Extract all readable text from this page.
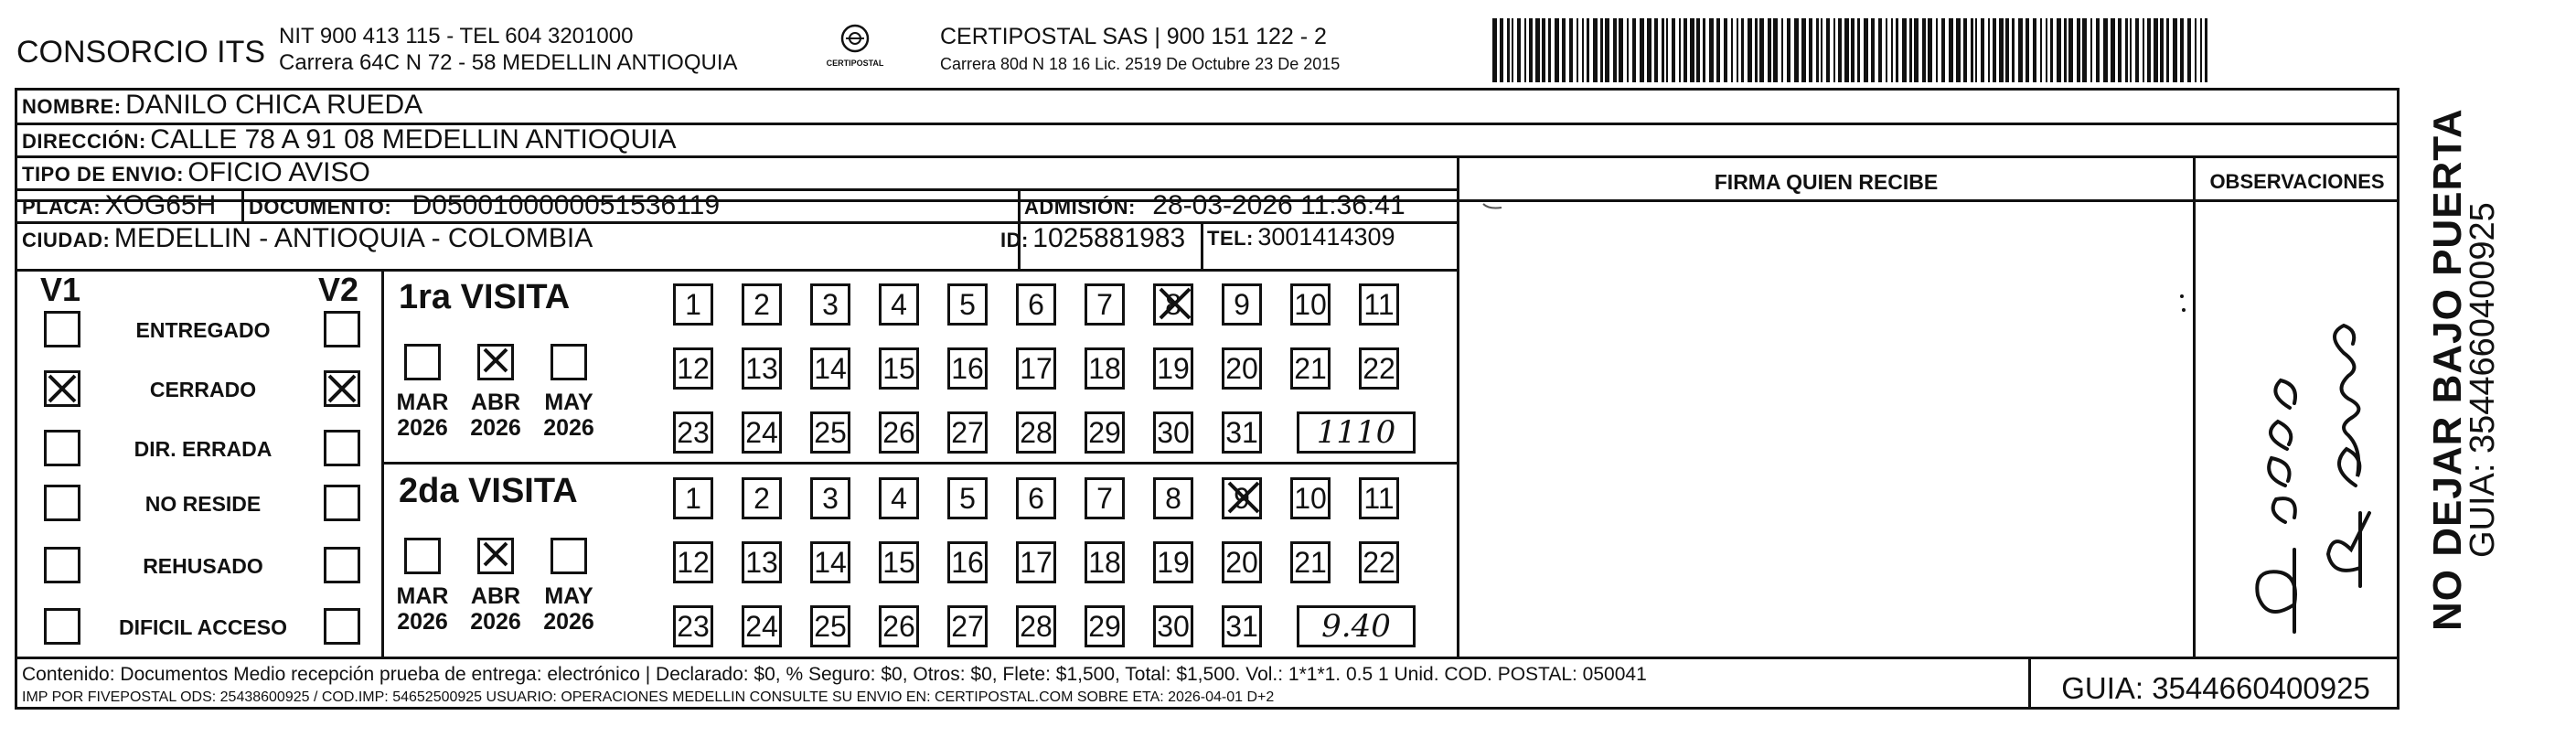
CONSORCIO ITS NIT 900 413 115 - TEL 604 3201000
Carrera 64C N 72 - 58 MEDELLIN ANTIOQUIA	CERTIPOSTAL
CERTIPOSTAL SAS | 900 151 122 - 2
Carrera 80d N 18 16 Lic. 2519 De Octubre 23 De 2015
NOMBRE: DANILO CHICA RUEDA
DIRECCIÓN: CALLE 78 A 91 08 MEDELLIN ANTIOQUIA
TIPO DE ENVIO: OFICIO AVISO
PLACA: XOG65H DOCUMENTO: D0500100000051536119	ADMISIÓN: 28-03-2026 11:36:41
CIUDAD: MEDELLIN - ANTIOQUIA - COLOMBIA	ID: 1025881983 TEL: 3001414309
FIRMA QUIEN RECIBE	OBSERVACIONES
V1	V2
ENTREGADO
CERRADO
DIR. ERRADA
NO RESIDE
REHUSADO
DIFICIL ACCESO
1ra VISITA
MAR
2026
ABR
2026
MAY
2026
1 2 3 4 5 6 7 8 9 10 11
12 13 14 15 16 17 18 19 20 21 22
23 24 25 26 27 28 29 30 31	1110
2da VISITA
MAR
2026
ABR
2026
MAY
2026
1 2 3 4 5 6 7 8 9 10 11
12 13 14 15 16 17 18 19 20 21 22
23 24 25 26 27 28 29 30 31	9.40	NO DEJAR BAJO PUERTA
GUIA: 3544660400925
Contenido: Documentos Medio recepción prueba de entrega: electrónico | Declarado: $0, % Seguro: $0, Otros: $0, Flete: $1,500, Total: $1,500. Vol.: 1*1*1. 0.5 1 Unid. COD. POSTAL: 050041
IMP POR FIVEPOSTAL ODS: 25438600925 / COD.IMP: 54652500925 USUARIO: OPERACIONES MEDELLIN CONSULTE SU ENVIO EN: CERTIPOSTAL.COM SOBRE ETA: 2026-04-01 D+2	GUIA: 3544660400925
